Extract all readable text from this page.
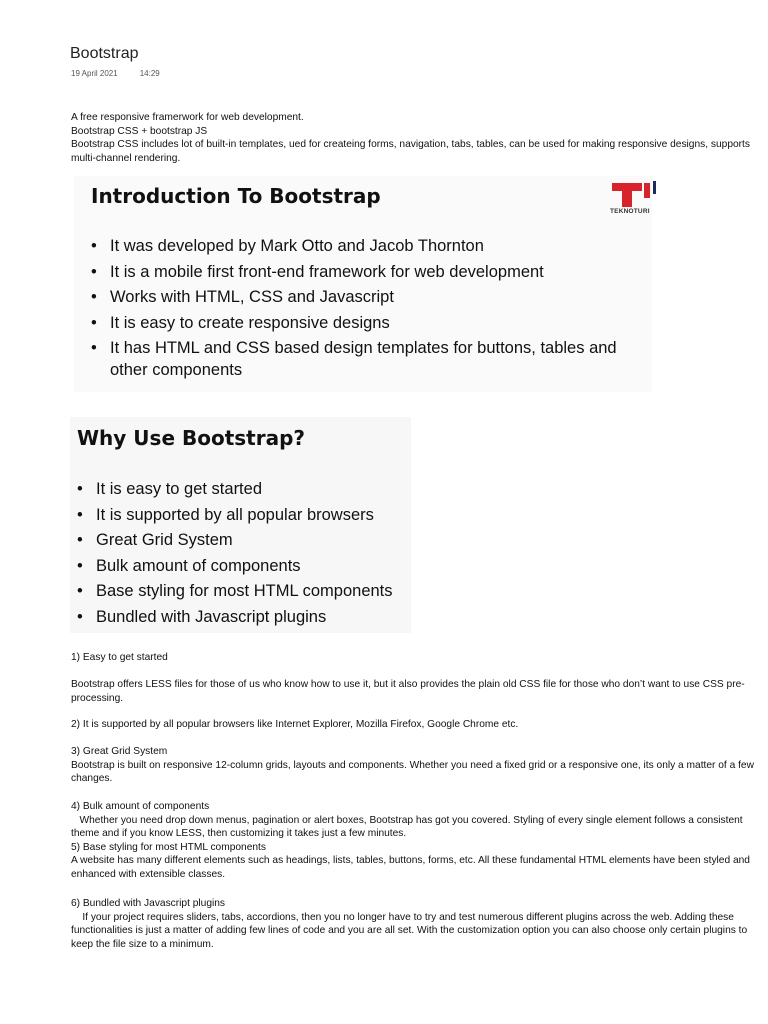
Bootstrap
19 April 2021	14:29
A free responsive framerwork for web development.
Bootstrap CSS + bootstrap JS
Bootstrap CSS includes lot of built-in templates, ued for createing forms, navigation, tabs, tables, can be used for making responsive designs, supports multi-channel rendering.
Introduction To Bootstrap
TEKNOTURI
• It was developed by Mark Otto and Jacob Thornton
• It is a mobile first front-end framework for web development
• Works with HTML, CSS and Javascript
• It is easy to create responsive designs
• It has HTML and CSS based design templates for buttons, tables and other components
Why Use Bootstrap?
• It is easy to get started
• It is supported by all popular browsers
• Great Grid System
• Bulk amount of components
• Base styling for most HTML components
• Bundled with Javascript plugins
1) Easy to get started
Bootstrap offers LESS files for those of us who know how to use it, but it also provides the plain old CSS file for those who don’t want to use CSS pre-processing.
2) It is supported by all popular browsers like Internet Explorer, Mozilla Firefox, Google Chrome etc.
3) Great Grid System
Bootstrap is built on responsive 12-column grids, layouts and components. Whether you need a fixed grid or a responsive one, its only a matter of a few changes.
4) Bulk amount of components
Whether you need drop down menus, pagination or alert boxes, Bootstrap has got you covered. Styling of every single element follows a consistent theme and if you know LESS, then customizing it takes just a few minutes.
5) Base styling for most HTML components
A website has many different elements such as headings, lists, tables, buttons, forms, etc. All these fundamental HTML elements have been styled and enhanced with extensible classes.
6) Bundled with Javascript plugins
If your project requires sliders, tabs, accordions, then you no longer have to try and test numerous different plugins across the web. Adding these functionalities is just a matter of adding few lines of code and you are all set. With the customization option you can also choose only certain plugins to keep the file size to a minimum.
